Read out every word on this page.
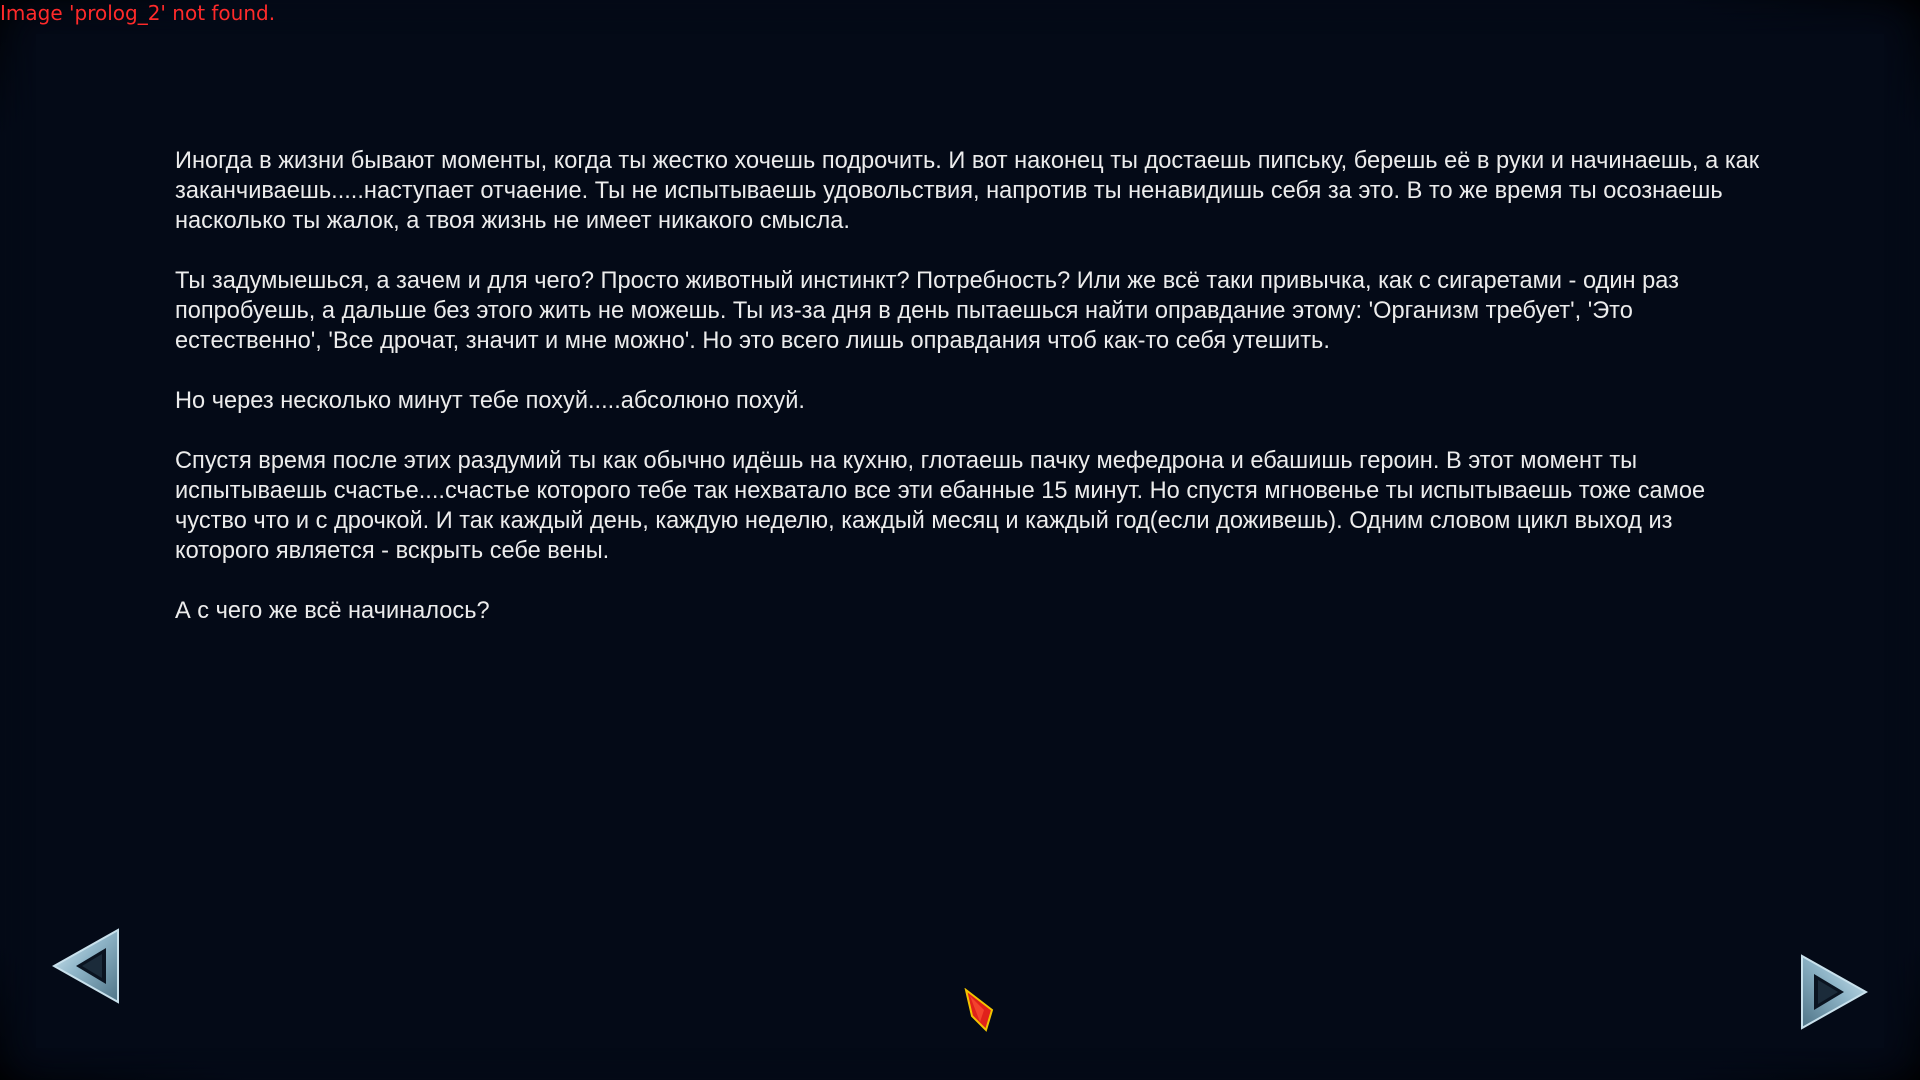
Image 'prolog_2' not found.

Иногда в жизни бывают моменты, когда ты жестко хочешь подрочить. И вот наконец ты достаешь пипську, берешь её в руки и начинаешь, а как заканчиваешь.....наступает отчаение. Ты не испытываешь удовольствия, напротив ты ненавидишь себя за это. В то же время ты осознаешь насколько ты жалок, а твоя жизнь не имеет никакого смысла.

Ты задумыешься, а зачем и для чего? Просто животный инстинкт? Потребность? Или же всё таки привычка, как с сигаретами - один раз попробуешь, а дальше без этого жить не можешь. Ты из-за дня в день пытаешься найти оправдание этому: 'Организм требует', 'Это естественно', 'Все дрочат, значит и мне можно'. Но это всего лишь оправдания чтоб как-то себя утешить.

Но через несколько минут тебе похуй.....абсолюно похуй.

Спустя время после этих раздумий ты как обычно идёшь на кухню, глотаешь пачку мефедрона и ебашишь героин. В этот момент ты испытываешь счастье....счастье которого тебе так нехватало все эти ебанные 15 минут. Но спустя мгновенье ты испытываешь тоже самое чуство что и с дрочкой. И так каждый день, каждую неделю, каждый месяц и каждый год(если доживешь). Одним словом цикл выход из которого является - вскрыть себе вены.

А с чего же всё начиналось?
